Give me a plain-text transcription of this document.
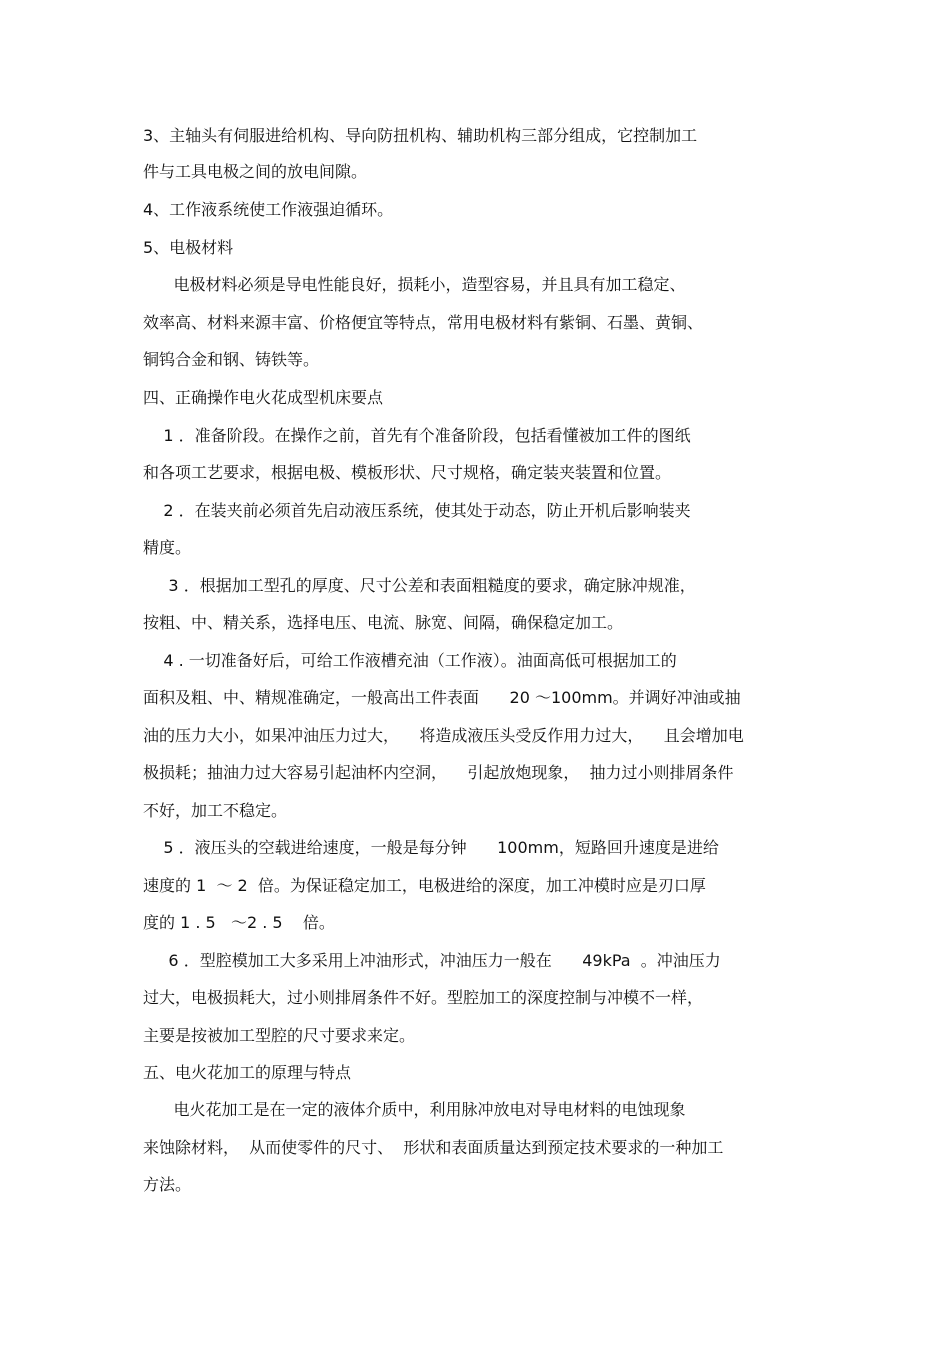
3、主轴头有伺服进给机构、导向防扭机构、辅助机构三部分组成，它控制加工
件与工具电极之间的放电间隙。
4、工作液系统使工作液强迫循环。
5、电极材料
电极材料必须是导电性能良好，损耗小，造型容易，并且具有加工稳定、
效率高、材料来源丰富、价格便宜等特点，常用电极材料有紫铜、石墨、黄铜、
铜钨合金和钢、铸铁等。
四、正确操作电火花成型机床要点
1 ．准备阶段。在操作之前，首先有个准备阶段，包括看懂被加工件的图纸
和各项工艺要求，根据电极、模板形状、尺寸规格，确定装夹装置和位置。
2 ．在装夹前必须首先启动液压系统，使其处于动态，防止开机后影响装夹
精度。
3 ．根据加工型孔的厚度、尺寸公差和表面粗糙度的要求，确定脉冲规准，
按粗、中、精关系，选择电压、电流、脉宽、间隔，确保稳定加工。
4 . 一切准备好后，可给工作液槽充油（工作液）。油面高低可根据加工的
面积及粗、中、精规准确定，一般高出工件表面      20 ～100mm。并调好冲油或抽
油的压力大小，如果冲油压力过大，    将造成液压头受反作用力过大，    且会增加电
极损耗；抽油力过大容易引起油杯内空洞，    引起放炮现象，  抽力过小则排屑条件
不好，加工不稳定。
5 ．液压头的空载进给速度，一般是每分钟      100mm，短路回升速度是进给
速度的 1  ～ 2  倍。为保证稳定加工，电极进给的深度，加工冲模时应是刃口厚
度的 1 . 5   ～2 . 5    倍。
6 ．型腔模加工大多采用上冲油形式，冲油压力一般在      49kPa  。冲油压力
过大，电极损耗大，过小则排屑条件不好。型腔加工的深度控制与冲模不一样，
主要是按被加工型腔的尺寸要求来定。
五、电火花加工的原理与特点
电火花加工是在一定的液体介质中，利用脉冲放电对导电材料的电蚀现象
来蚀除材料，  从而使零件的尺寸、  形状和表面质量达到预定技术要求的一种加工
方法。
